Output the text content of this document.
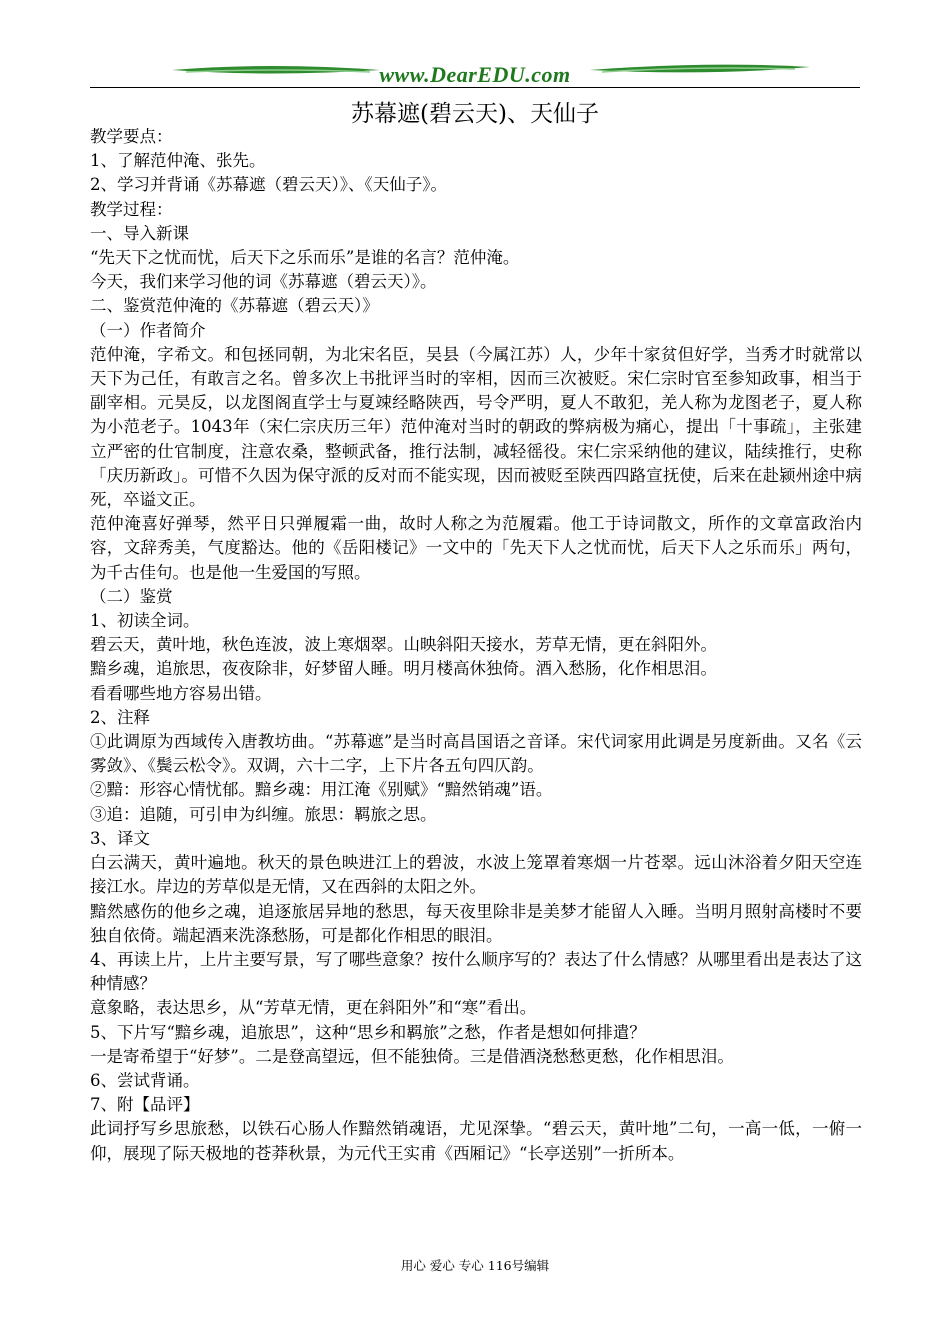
www.DearEDU.com
苏幕遮(碧云天)、天仙子

教学要点：

1、了解范仲淹、张先。

2、学习并背诵《苏幕遮（碧云天）》、《天仙子》。

教学过程：

一、导入新课

“先天下之忧而忧，后天下之乐而乐”是谁的名言？范仲淹。

今天，我们来学习他的词《苏幕遮（碧云天）》。

二、鉴赏范仲淹的《苏幕遮（碧云天）》

（一）作者简介

范仲淹，字希文。和包拯同朝，为北宋名臣，吴县（今属江苏）人，少年十家贫但好学，当秀才时就常以天下为己任，有敢言之名。曾多次上书批评当时的宰相，因而三次被贬。宋仁宗时官至参知政事，相当于副宰相。元昊反，以龙图阁直学士与夏竦经略陕西，号令严明，夏人不敢犯，羌人称为龙图老子，夏人称为小范老子。1043年（宋仁宗庆历三年）范仲淹对当时的朝政的弊病极为痛心，提出「十事疏」，主张建立严密的仕官制度，注意农桑，整顿武备，推行法制，减轻徭役。宋仁宗采纳他的建议，陆续推行，史称「庆历新政」。可惜不久因为保守派的反对而不能实现，因而被贬至陕西四路宣抚使，后来在赴颍州途中病死，卒谥文正。

范仲淹喜好弹琴，然平日只弹履霜一曲，故时人称之为范履霜。他工于诗词散文，所作的文章富政治内容，文辞秀美，气度豁达。他的《岳阳楼记》一文中的「先天下人之忧而忧，后天下人之乐而乐」两句，为千古佳句。也是他一生爱国的写照。

（二）鉴赏

1、初读全词。

碧云天，黄叶地，秋色连波，波上寒烟翠。山映斜阳天接水，芳草无情，更在斜阳外。

黯乡魂，追旅思，夜夜除非，好梦留人睡。明月楼高休独倚。酒入愁肠，化作相思泪。

看看哪些地方容易出错。

2、注释

①此调原为西域传入唐教坊曲。“苏幕遮”是当时高昌国语之音译。宋代词家用此调是另度新曲。又名《云雾敛》、《鬓云松令》。双调，六十二字，上下片各五句四仄韵。

②黯：形容心情忧郁。黯乡魂：用江淹《别赋》“黯然销魂”语。

③追：追随，可引申为纠缠。旅思：羁旅之思。

3、译文

白云满天，黄叶遍地。秋天的景色映进江上的碧波，水波上笼罩着寒烟一片苍翠。远山沐浴着夕阳天空连接江水。岸边的芳草似是无情，又在西斜的太阳之外。

黯然感伤的他乡之魂，追逐旅居异地的愁思，每天夜里除非是美梦才能留人入睡。当明月照射高楼时不要独自依倚。端起酒来洗涤愁肠，可是都化作相思的眼泪。

4、再读上片，上片主要写景，写了哪些意象？按什么顺序写的？表达了什么情感？从哪里看出是表达了这种情感？

意象略，表达思乡，从“芳草无情，更在斜阳外”和“寒”看出。

5、下片写“黯乡魂，追旅思”，这种“思乡和羁旅”之愁，作者是想如何排遣？

一是寄希望于“好梦”。二是登高望远，但不能独倚。三是借酒浇愁愁更愁，化作相思泪。

6、尝试背诵。

7、附【品评】

此词抒写乡思旅愁，以铁石心肠人作黯然销魂语，尤见深挚。“碧云天，黄叶地”二句，一高一低，一俯一仰，展现了际天极地的苍莽秋景，为元代王实甫《西厢记》“长亭送别”一折所本。

用心 爱心 专心 116号编辑
